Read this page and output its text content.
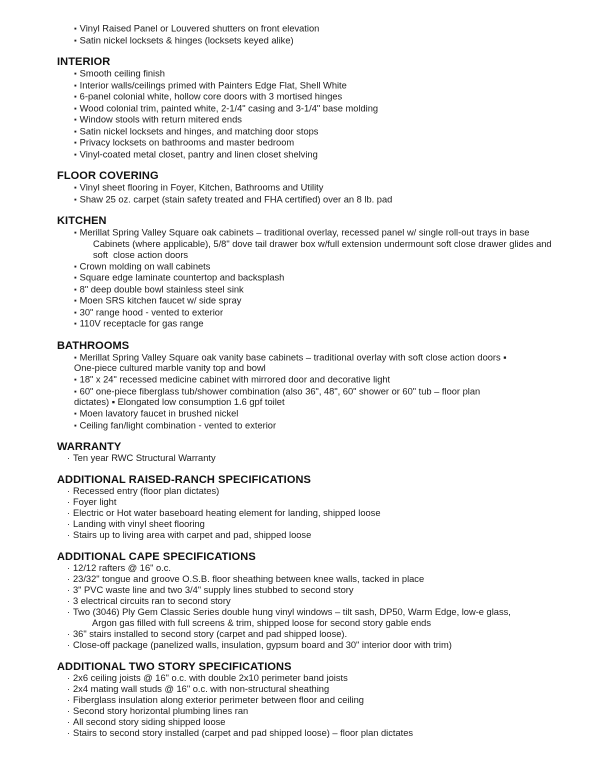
▪ Vinyl Raised Panel or Louvered shutters on front elevation
▪ Satin nickel locksets & hinges (locksets keyed alike)
INTERIOR
▪ Smooth ceiling finish
▪ Interior walls/ceilings primed with Painters Edge Flat, Shell White
▪ 6-panel colonial white, hollow core doors with 3 mortised hinges
▪ Wood colonial trim, painted white, 2-1/4" casing and 3-1/4" base molding
▪ Window stools with return mitered ends
▪ Satin nickel locksets and hinges, and matching door stops
▪ Privacy locksets on bathrooms and master bedroom
▪ Vinyl-coated metal closet, pantry and linen closet shelving
FLOOR COVERING
▪ Vinyl sheet flooring in Foyer, Kitchen, Bathrooms and Utility
▪ Shaw 25 oz. carpet (stain safety treated and FHA certified) over an 8 lb. pad
KITCHEN
▪ Merillat Spring Valley Square oak cabinets – traditional overlay, recessed panel w/ single roll-out trays in base
Cabinets (where applicable), 5/8" dove tail drawer box w/full extension undermount soft close drawer glides and
soft  close action doors
▪ Crown molding on wall cabinets
▪ Square edge laminate countertop and backsplash
▪ 8" deep double bowl stainless steel sink
▪ Moen SRS kitchen faucet w/ side spray
▪ 30" range hood - vented to exterior
▪ 110V receptacle for gas range
BATHROOMS
▪ Merillat Spring Valley Square oak vanity base cabinets – traditional overlay with soft close action doors ▪
One-piece cultured marble vanity top and bowl
▪ 18" x 24" recessed medicine cabinet with mirrored door and decorative light
▪ 60" one-piece fiberglass tub/shower combination (also 36", 48", 60" shower or 60" tub – floor plan
dictates) ▪ Elongated low consumption 1.6 gpf toilet
▪ Moen lavatory faucet in brushed nickel
▪ Ceiling fan/light combination - vented to exterior
WARRANTY
· Ten year RWC Structural Warranty
ADDITIONAL RAISED-RANCH SPECIFICATIONS
· Recessed entry (floor plan dictates)
· Foyer light
· Electric or Hot water baseboard heating element for landing, shipped loose
· Landing with vinyl sheet flooring
· Stairs up to living area with carpet and pad, shipped loose
ADDITIONAL CAPE SPECIFICATIONS
· 12/12 rafters @ 16" o.c.
· 23/32" tongue and groove O.S.B. floor sheathing between knee walls, tacked in place
· 3" PVC waste line and two 3/4" supply lines stubbed to second story
· 3 electrical circuits ran to second story
· Two (3046) Ply Gem Classic Series double hung vinyl windows – tilt sash, DP50, Warm Edge, low-e glass,
Argon gas filled with full screens & trim, shipped loose for second story gable ends
· 36" stairs installed to second story (carpet and pad shipped loose).
· Close-off package (panelized walls, insulation, gypsum board and 30" interior door with trim)
ADDITIONAL TWO STORY SPECIFICATIONS
· 2x6 ceiling joists @ 16" o.c. with double 2x10 perimeter band joists
· 2x4 mating wall studs @ 16" o.c. with non-structural sheathing
· Fiberglass insulation along exterior perimeter between floor and ceiling
· Second story horizontal plumbing lines ran
· All second story siding shipped loose
· Stairs to second story installed (carpet and pad shipped loose) – floor plan dictates
